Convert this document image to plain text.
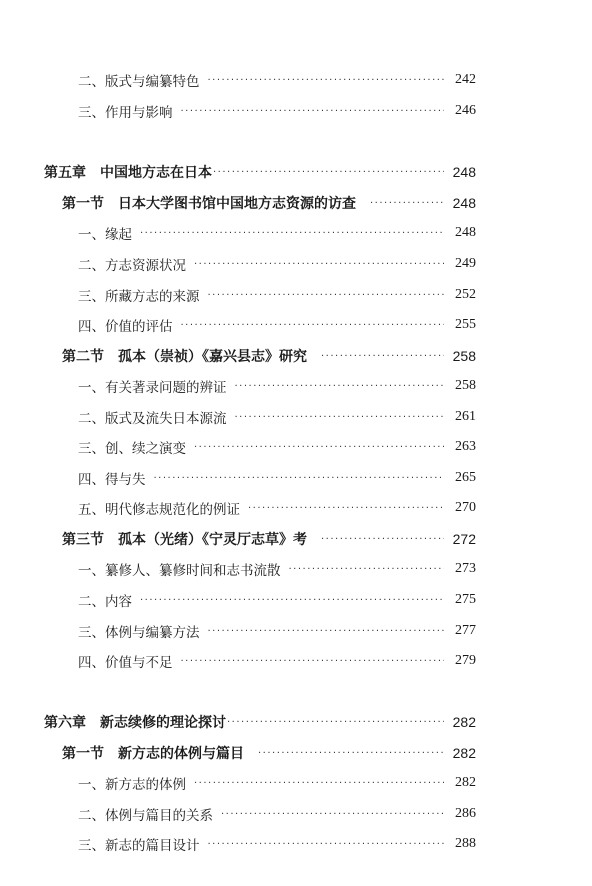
二、版式与编纂特色 ·····	242
三、作用与影响 ·····	246
第五章　中国地方志在日本 ·····	248
第一节　日本大学图书馆中国地方志资源的访查 ·····	248
一、缘起 ·····	248
二、方志资源状况 ·····	249
三、所藏方志的来源 ·····	252
四、价值的评估 ·····	255
第二节　孤本（崇祯）《嘉兴县志》研究 ·····	258
一、有关著录问题的辨证 ·····	258
二、版式及流失日本源流 ·····	261
三、创、续之演变 ·····	263
四、得与失 ·····	265
五、明代修志规范化的例证 ·····	270
第三节　孤本（光绪）《宁灵厅志草》考 ·····	272
一、纂修人、纂修时间和志书流散 ·····	273
二、内容 ·····	275
三、体例与编纂方法 ·····	277
四、价值与不足 ·····	279
第六章　新志续修的理论探讨 ·····	282
第一节　新方志的体例与篇目 ·····	282
一、新方志的体例 ·····	282
二、体例与篇目的关系 ·····	286
三、新志的篇目设计 ·····	288
